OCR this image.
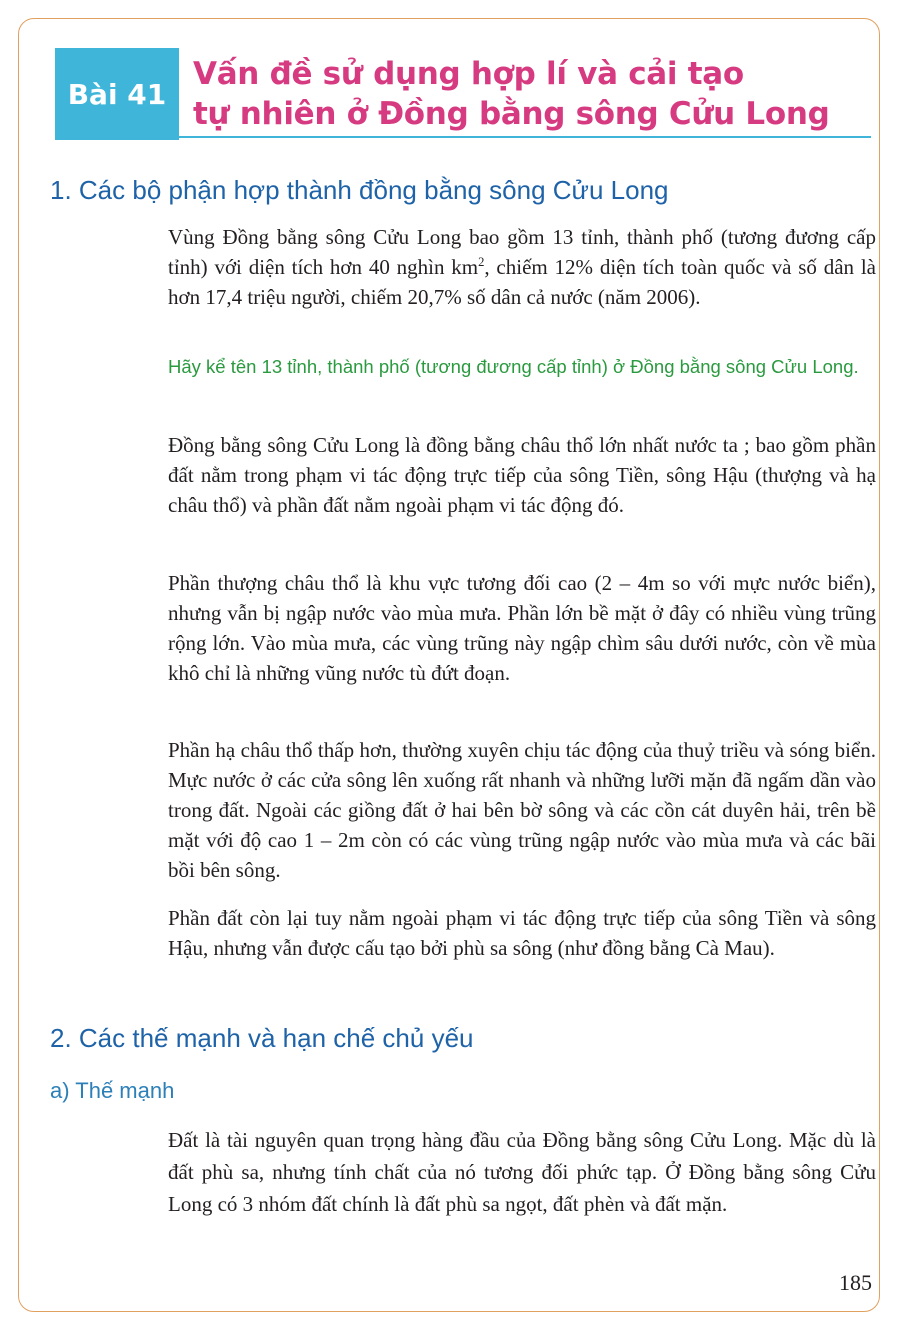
Bài 41
Vấn đề sử dụng hợp lí và cải tạo
tự nhiên ở Đồng bằng sông Cửu Long
1. Các bộ phận hợp thành đồng bằng sông Cửu Long

Vùng Đồng bằng sông Cửu Long bao gồm 13 tỉnh, thành phố (tương đương cấp tỉnh) với diện tích hơn 40 nghìn $km^2$, chiếm 12% diện tích toàn quốc và số dân là hơn 17,4 triệu người, chiếm 20,7% số dân cả nước (năm 2006).

Hãy kể tên 13 tỉnh, thành phố (tương đương cấp tỉnh) ở Đồng bằng sông Cửu Long.

Đồng bằng sông Cửu Long là đồng bằng châu thổ lớn nhất nước ta ; bao gồm phần đất nằm trong phạm vi tác động trực tiếp của sông Tiền, sông Hậu (thượng và hạ châu thổ) và phần đất nằm ngoài phạm vi tác động đó.

Phần thượng châu thổ là khu vực tương đối cao (2 – 4m so với mực nước biển), nhưng vẫn bị ngập nước vào mùa mưa. Phần lớn bề mặt ở đây có nhiều vùng trũng rộng lớn. Vào mùa mưa, các vùng trũng này ngập chìm sâu dưới nước, còn về mùa khô chỉ là những vũng nước tù đứt đoạn.

Phần hạ châu thổ thấp hơn, thường xuyên chịu tác động của thuỷ triều và sóng biển. Mực nước ở các cửa sông lên xuống rất nhanh và những lưỡi mặn đã ngấm dần vào trong đất. Ngoài các giồng đất ở hai bên bờ sông và các cồn cát duyên hải, trên bề mặt với độ cao 1 – 2m còn có các vùng trũng ngập nước vào mùa mưa và các bãi bồi bên sông.

Phần đất còn lại tuy nằm ngoài phạm vi tác động trực tiếp của sông Tiền và sông Hậu, nhưng vẫn được cấu tạo bởi phù sa sông (như đồng bằng Cà Mau).

2. Các thế mạnh và hạn chế chủ yếu
a) Thế mạnh

Đất là tài nguyên quan trọng hàng đầu của Đồng bằng sông Cửu Long. Mặc dù là đất phù sa, nhưng tính chất của nó tương đối phức tạp. Ở Đồng bằng sông Cửu Long có 3 nhóm đất chính là đất phù sa ngọt, đất phèn và đất mặn.

185
